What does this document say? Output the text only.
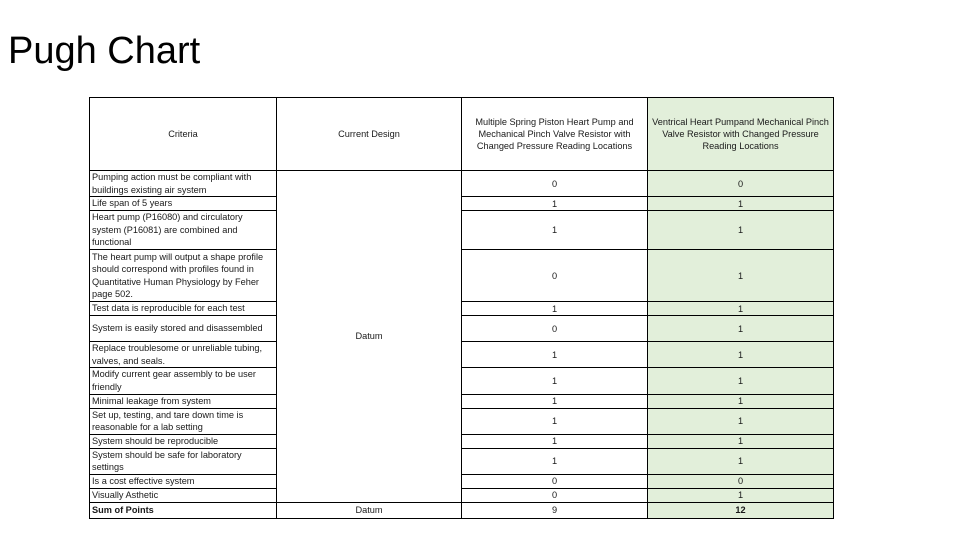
Pugh Chart
Criteria	Current Design	Multiple Spring Piston Heart Pump and Mechanical Pinch Valve Resistor with Changed Pressure Reading Locations	Ventrical Heart Pumpand Mechanical Pinch Valve Resistor with Changed Pressure Reading Locations
Pumping action must be compliant with buildings existing air system	Datum	0	0
Life span of 5 years		1	1
Heart pump (P16080) and circulatory system (P16081) are combined and functional		1	1
The heart pump will output a shape profile should correspond with profiles found in Quantitative Human Physiology by Feher page 502.		0	1
Test data is reproducible for each test		1	1
System is easily stored and disassembled		0	1
Replace troublesome or unreliable tubing, valves, and seals.		1	1
Modify current gear assembly to be user friendly		1	1
Minimal leakage from system		1	1
Set up, testing, and tare down time is reasonable for a lab setting		1	1
System should be reproducible		1	1
System should be safe for laboratory settings		1	1
Is a cost effective system		0	0
Visually Asthetic		0	1
Sum of Points	Datum	9	12
